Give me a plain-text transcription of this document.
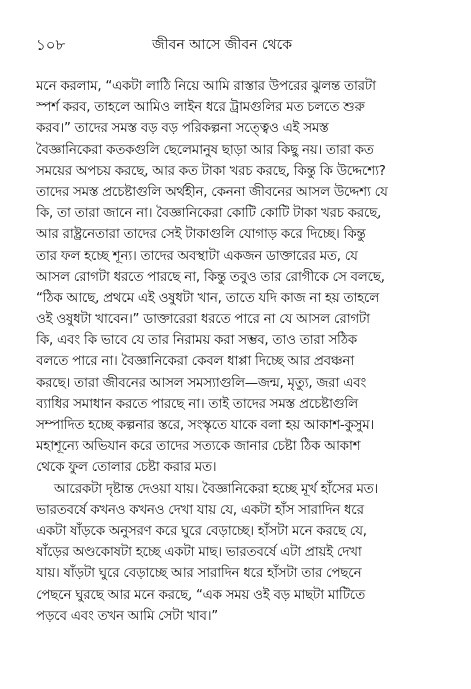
১০৮	জীবন আসে জীবন থেকে
মনে করলাম, “একটা লাঠি নিয়ে আমি রাস্তার উপরের ঝুলন্ত তারটা
স্পর্শ করব, তাহলে আমিও লাইন ধরে ট্রামগুলির মত চলতে শুরু
করব।” তাদের সমস্ত বড় বড় পরিকল্পনা সত্ত্বেও এই সমস্ত
বৈজ্ঞানিকেরা কতকগুলি ছেলেমানুষ ছাড়া আর কিছু নয়। তারা কত
সময়ের অপচয় করছে, আর কত টাকা খরচ করছে, কিন্তু কি উদ্দেশ্যে?
তাদের সমস্ত প্রচেষ্টাগুলি অর্থহীন, কেননা জীবনের আসল উদ্দেশ্য যে
কি, তা তারা জানে না। বৈজ্ঞানিকেরা কোটি কোটি টাকা খরচ করছে,
আর রাষ্ট্রনেতারা তাদের সেই টাকাগুলি যোগাড় করে দিচ্ছে। কিন্তু
তার ফল হচ্ছে শূন্য। তাদের অবস্থাটা একজন ডাক্তারের মত, যে
আসল রোগটা ধরতে পারছে না, কিন্তু তবুও তার রোগীকে সে বলছে,
“ঠিক আছে, প্রথমে এই ওষুধটা খান, তাতে যদি কাজ না হয় তাহলে
ওই ওষুধটা খাবেন।” ডাক্তারেরা ধরতে পারে না যে আসল রোগটা
কি, এবং কি ভাবে যে তার নিরাময় করা সম্ভব, তাও তারা সঠিক
বলতে পারে না। বৈজ্ঞানিকেরা কেবল ধাপ্পা দিচ্ছে আর প্রবঞ্চনা
করছে। তারা জীবনের আসল সমস্যাগুলি—জন্ম, মৃত্যু, জরা এবং
ব্যাধির সমাধান করতে পারছে না। তাই তাদের সমস্ত প্রচেষ্টাগুলি
সম্পাদিত হচ্ছে কল্পনার স্তরে, সংস্কৃতে যাকে বলা হয় আকাশ-কুসুম।
মহাশূন্যে অভিযান করে তাদের সত্যকে জানার চেষ্টা ঠিক আকাশ
থেকে ফুল তোলার চেষ্টা করার মত।
আরেকটা দৃষ্টান্ত দেওয়া যায়। বৈজ্ঞানিকেরা হচ্ছে মূর্খ হাঁসের মত।
ভারতবর্ষে কখনও কখনও দেখা যায় যে, একটা হাঁস সারাদিন ধরে
একটা ষাঁড়কে অনুসরণ করে ঘুরে বেড়াচ্ছে। হাঁসটা মনে করছে যে,
ষাঁড়ের অণ্ডকোষটা হচ্ছে একটা মাছ। ভারতবর্ষে এটা প্রায়ই দেখা
যায়। ষাঁড়টা ঘুরে বেড়াচ্ছে আর সারাদিন ধরে হাঁসটা তার পেছনে
পেছনে ঘুরছে আর মনে করছে, “এক সময় ওই বড় মাছটা মাটিতে
পড়বে এবং তখন আমি সেটা খাব।”
